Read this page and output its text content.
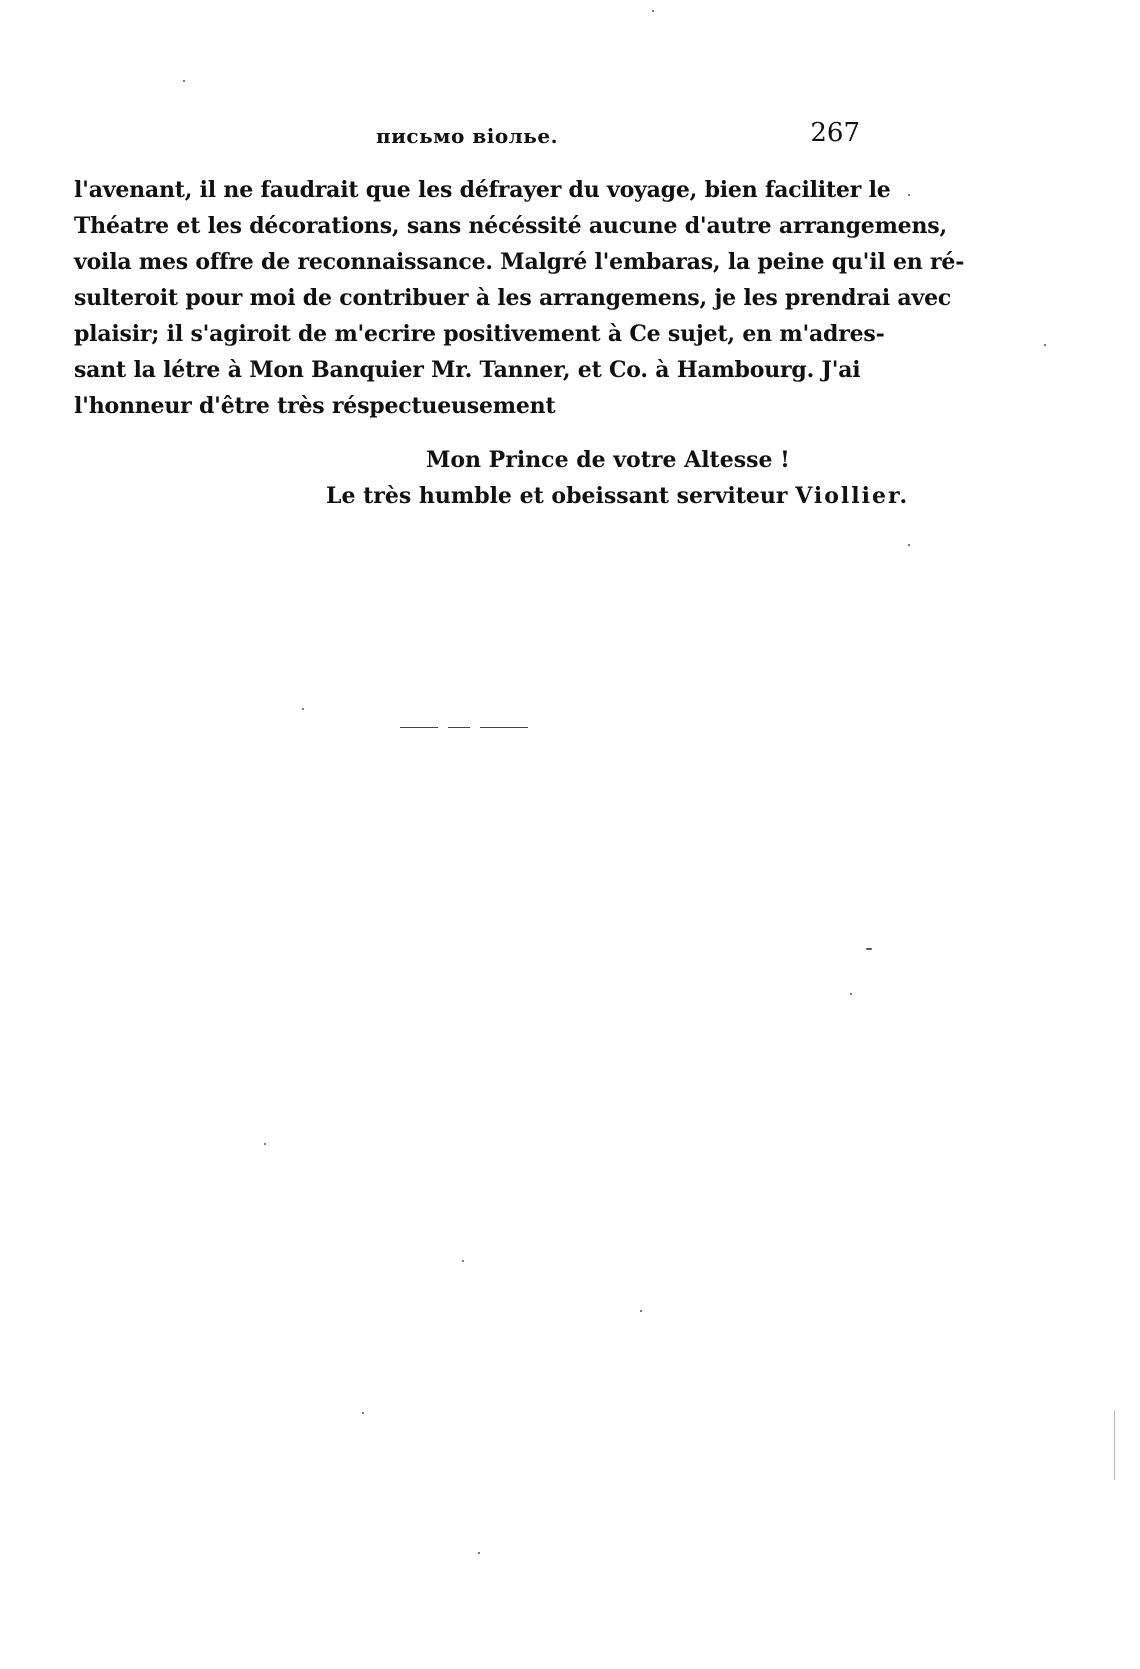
письмо віолье.	267
l'avenant, il ne faudrait que les défrayer du voyage, bien faciliter le
Théatre et les décorations, sans nécéssité aucune d'autre arrangemens,
voila mes offre de reconnaissance. Malgré l'embaras, la peine qu'il en ré-
sulteroit pour moi de contribuer à les arrangemens, je les prendrai avec
plaisir; il s'agiroit de m'ecrire positivement à Ce sujet, en m'adres-
sant la létre à Mon Banquier Mr. Tanner, et Co. à Hambourg. J'ai
l'honneur d'être très réspectueusement
Mon Prince de votre Altesse !
Le très humble et obeissant serviteur Viollier.
